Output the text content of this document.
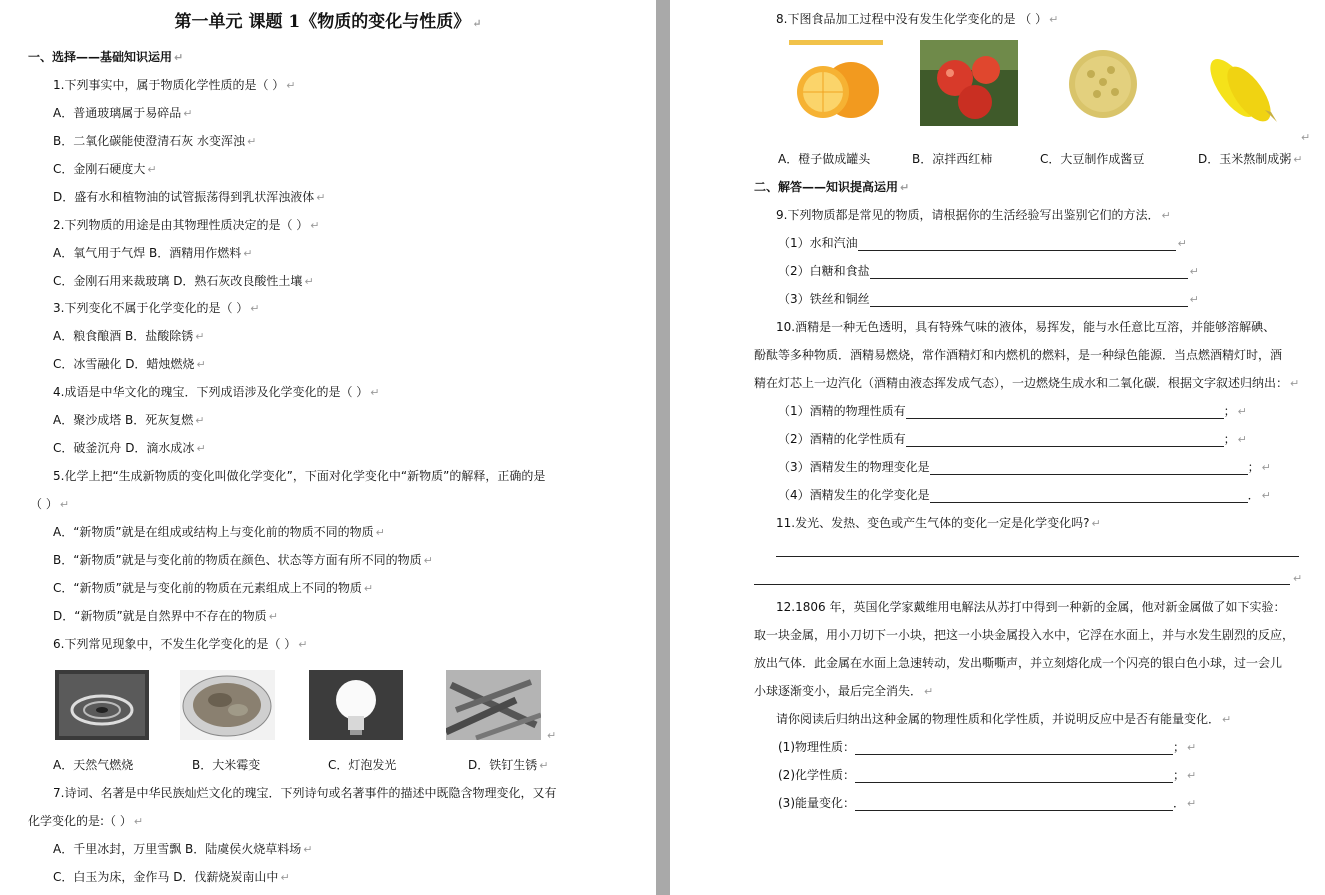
第一单元 课题 1《物质的变化与性质》 ↵
一、选择——基础知识运用 ↵
1.下列事实中，属于物质化学性质的是（ ） ↵
A．普通玻璃属于易碎品 ↵
B．二氧化碳能使澄清石灰 水变浑浊 ↵
C．金刚石硬度大 ↵
D．盛有水和植物油的试管振荡得到乳状浑浊液体 ↵
2.下列物质的用途是由其物理性质决定的是（ ） ↵
A．氧气用于气焊 B．酒精用作燃料 ↵
C．金刚石用来裁玻璃 D．熟石灰改良酸性土壤 ↵
3.下列变化不属于化学变化的是（ ） ↵
A．粮食酿酒 B．盐酸除锈 ↵
C．冰雪融化 D．蜡烛燃烧 ↵
4.成语是中华文化的瑰宝．下列成语涉及化学变化的是（ ） ↵
A．聚沙成塔 B．死灰复燃 ↵
C．破釜沉舟 D．滴水成冰 ↵
5.化学上把“生成新物质的变化叫做化学变化”，下面对化学变化中“新物质”的解释，正确的是
（ ） ↵
A．“新物质”就是在组成或结构上与变化前的物质不同的物质 ↵
B．“新物质”就是与变化前的物质在颜色、状态等方面有所不同的物质 ↵
C．“新物质”就是与变化前的物质在元素组成上不同的物质 ↵
D．“新物质”就是自然界中不存在的物质 ↵
6.下列常见现象中，不发生化学变化的是（ ） ↵
↵
A．天然气燃烧	B．大米霉变	C．灯泡发光	D．铁钉生锈 ↵
7.诗词、名著是中华民族灿烂文化的瑰宝．下列诗句或名著事件的描述中既隐含物理变化，又有
化学变化的是:（ ） ↵
A．千里冰封，万里雪飘 B．陆虞侯火烧草料场 ↵
C．白玉为床，金作马 D．伐薪烧炭南山中 ↵
8.下图食品加工过程中没有发生化学变化的是 （ ） ↵
↵
A．橙子做成罐头	B．凉拌西红柿	C．大豆制作成酱豆	D．玉米熬制成粥 ↵
二、解答——知识提高运用 ↵
9.下列物质都是常见的物质，请根据你的生活经验写出鉴别它们的方法． ↵
（1）水和汽油	↵
（2）白糖和食盐	↵
（3）铁丝和铜丝	↵
10.酒精是一种无色透明，具有特殊气味的液体，易挥发，能与水任意比互溶，并能够溶解碘、
酚酞等多种物质．酒精易燃烧，常作酒精灯和内燃机的燃料，是一种绿色能源．当点燃酒精灯时，酒
精在灯芯上一边汽化（酒精由液态挥发成气态），一边燃烧生成水和二氧化碳．根据文字叙述归纳出： ↵
（1）酒精的物理性质有	； ↵
（2）酒精的化学性质有	； ↵
（3）酒精发生的物理变化是	； ↵
（4）酒精发生的化学变化是	． ↵
11.发光、发热、变色或产生气体的变化一定是化学变化吗? ↵
↵
12.1806 年，英国化学家戴维用电解法从苏打中得到一种新的金属，他对新金属做了如下实验：
取一块金属，用小刀切下一小块，把这一小块金属投入水中，它浮在水面上，并与水发生剧烈的反应，
放出气体．此金属在水面上急速转动，发出嘶嘶声，并立刻熔化成一个闪亮的银白色小球，过一会儿
小球逐渐变小，最后完全消失． ↵
请你阅读后归纳出这种金属的物理性质和化学性质，并说明反应中是否有能量变化． ↵
(1)物理性质：	； ↵
(2)化学性质：	； ↵
(3)能量变化：	． ↵
